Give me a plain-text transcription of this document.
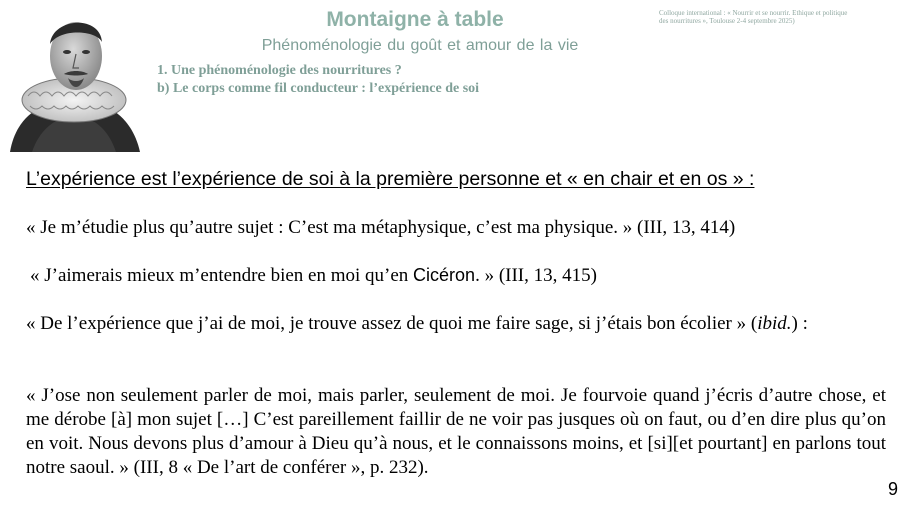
Montaigne à table
Phénoménologie du goût et amour de la vie
1. Une phénoménologie des nourritures ?
b) Le corps comme fil conducteur : l’expérience de soi
Colloque international : « Nourrir et se nourrir. Ethique et politique
des nourritures », Toulouse 2-4 septembre 2025)
L’expérience est l’expérience de soi à la première personne et « en chair et en os » :
« Je m’étudie plus qu’autre sujet : C’est ma métaphysique, c’est ma physique. » (III, 13, 414)
« J’aimerais mieux m’entendre bien en moi qu’en Cicéron. » (III, 13, 415)
« De l’expérience que j’ai de moi, je trouve assez de quoi me faire sage, si j’étais bon écolier » (ibid.) :
« J’ose non seulement parler de moi, mais parler, seulement de moi. Je fourvoie quand j’écris d’autre chose, et me dérobe [à] mon sujet […] C’est pareillement faillir de ne voir pas jusques où on faut, ou d’en dire plus qu’on en voit. Nous devons plus d’amour à Dieu qu’à nous, et le connaissons moins, et [si][et pourtant] en parlons tout notre saoul. » (III, 8 « De l’art de conférer », p. 232).
9
